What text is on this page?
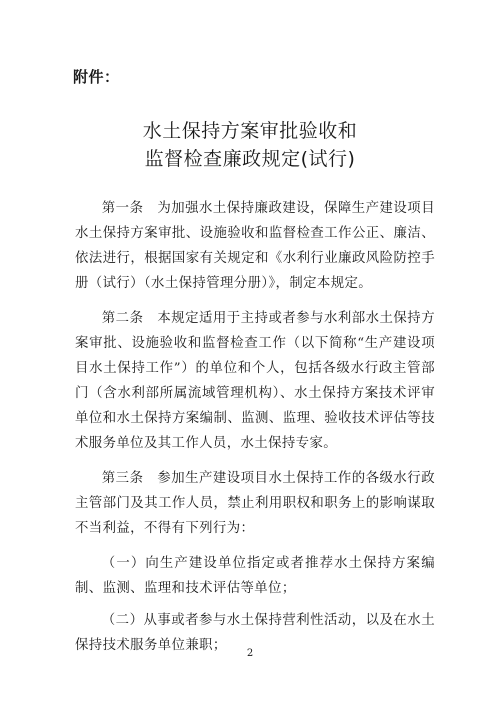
附件：
水土保持方案审批验收和
监督检查廉政规定(试行)

第一条　为加强水土保持廉政建设，保障生产建设项目水土保持方案审批、设施验收和监督检查工作公正、廉洁、依法进行，根据国家有关规定和《水利行业廉政风险防控手册（试行）（水土保持管理分册）》，制定本规定。

第二条　本规定适用于主持或者参与水利部水土保持方案审批、设施验收和监督检查工作（以下简称“生产建设项目水土保持工作”）的单位和个人，包括各级水行政主管部门（含水利部所属流域管理机构）、水土保持方案技术评审单位和水土保持方案编制、监测、监理、验收技术评估等技术服务单位及其工作人员，水土保持专家。

第三条　参加生产建设项目水土保持工作的各级水行政主管部门及其工作人员，禁止利用职权和职务上的影响谋取不当利益，不得有下列行为：

（一）向生产建设单位指定或者推荐水土保持方案编制、监测、监理和技术评估等单位；

（二）从事或者参与水土保持营利性活动，以及在水土保持技术服务单位兼职；

2
